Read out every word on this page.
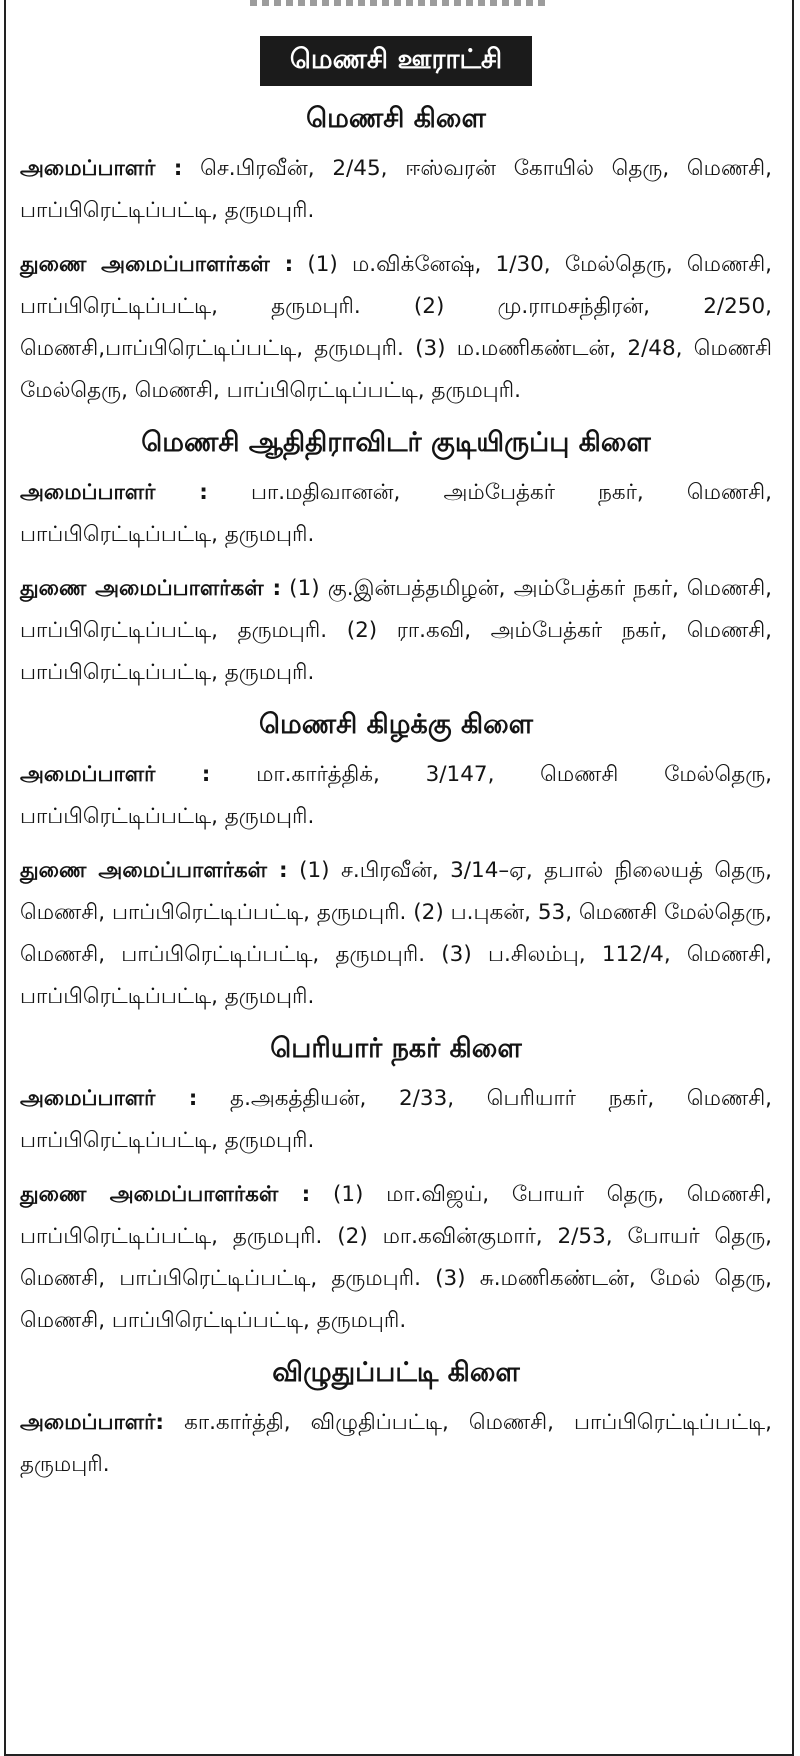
மெணசி ஊராட்சி
மெணசி கிளை

அமைப்பாளர் : செ.பிரவீன், 2/45, ஈஸ்வரன் கோயில் தெரு, மெணசி, பாப்பிரெட்டிப்பட்டி, தருமபுரி.

துணை அமைப்பாளர்கள் : (1) ம.விக்னேஷ், 1/30, மேல்தெரு, மெணசி, பாப்பிரெட்டிப்பட்டி, தருமபுரி. (2) மு.ராமசந்திரன், 2/250, மெணசி,பாப்பிரெட்டிப்பட்டி, தருமபுரி. (3) ம.மணிகண்டன், 2/48, மெணசி மேல்தெரு, மெணசி, பாப்பிரெட்டிப்பட்டி, தருமபுரி.

மெணசி ஆதிதிராவிடர் குடியிருப்பு கிளை

அமைப்பாளர் : பா.மதிவானன், அம்பேத்கர் நகர், மெணசி, பாப்பிரெட்டிப்பட்டி, தருமபுரி.

துணை அமைப்பாளர்கள் : (1) கு.இன்பத்தமிழன், அம்பேத்கர் நகர், மெணசி, பாப்பிரெட்டிப்பட்டி, தருமபுரி. (2) ரா.கவி, அம்பேத்கர் நகர், மெணசி, பாப்பிரெட்டிப்பட்டி, தருமபுரி.

மெணசி கிழக்கு கிளை

அமைப்பாளர் : மா.கார்த்திக், 3/147, மெணசி மேல்தெரு, பாப்பிரெட்டிப்பட்டி, தருமபுரி.

துணை அமைப்பாளர்கள் : (1) ச.பிரவீன், 3/14–ஏ, தபால் நிலையத் தெரு, மெணசி, பாப்பிரெட்டிப்பட்டி, தருமபுரி. (2) ப.புகன், 53, மெணசி மேல்தெரு, மெணசி, பாப்பிரெட்டிப்பட்டி, தருமபுரி. (3) ப.சிலம்பு, 112/4, மெணசி, பாப்பிரெட்டிப்பட்டி, தருமபுரி.

பெரியார் நகர் கிளை

அமைப்பாளர் : த.அகத்தியன், 2/33, பெரியார் நகர், மெணசி, பாப்பிரெட்டிப்பட்டி, தருமபுரி.

துணை அமைப்பாளர்கள் : (1) மா.விஜய், போயர் தெரு, மெணசி, பாப்பிரெட்டிப்பட்டி, தருமபுரி. (2) மா.கவின்குமார், 2/53, போயர் தெரு, மெணசி, பாப்பிரெட்டிப்பட்டி, தருமபுரி. (3) சு.மணிகண்டன், மேல் தெரு, மெணசி, பாப்பிரெட்டிப்பட்டி, தருமபுரி.

விழுதுப்பட்டி கிளை

அமைப்பாளர்: கா.கார்த்தி, விழுதிப்பட்டி, மெணசி, பாப்பிரெட்டிப்பட்டி, தருமபுரி.
